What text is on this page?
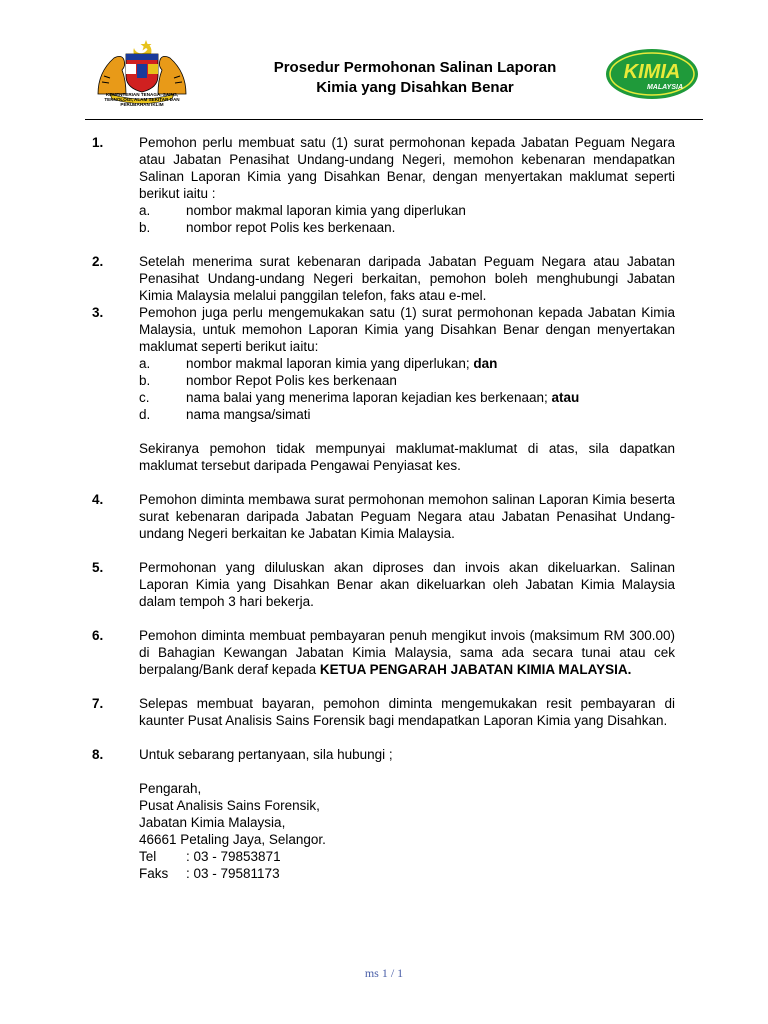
KEMENTERIAN TENAGA, SAINS, TEKNOLOGI, ALAM SEKITAR DAN PERUBAHAN IKLIM
Prosedur Permohonan Salinan Laporan
Kimia yang Disahkan Benar
KIMIA
MALAYSIA
1.	Pemohon perlu membuat satu (1) surat permohonan kepada Jabatan Peguam Negara atau Jabatan Penasihat Undang-undang Negeri, memohon kebenaran mendapatkan Salinan Laporan Kimia yang Disahkan Benar, dengan menyertakan maklumat seperti berikut iaitu :

a.	nombor makmal laporan kimia yang diperlukan

b.	nombor repot Polis kes berkenaan.

2.	Setelah menerima surat kebenaran daripada Jabatan Peguam Negara atau Jabatan Penasihat Undang-undang Negeri berkaitan, pemohon boleh menghubungi Jabatan Kimia Malaysia melalui panggilan telefon, faks atau e-mel.

3.	Pemohon juga perlu mengemukakan satu (1) surat permohonan kepada Jabatan Kimia Malaysia, untuk memohon Laporan Kimia yang Disahkan Benar dengan menyertakan maklumat seperti berikut iaitu:

a.	nombor makmal laporan kimia yang diperlukan; dan

b.	nombor Repot Polis kes berkenaan

c.	nama balai yang menerima laporan kejadian kes berkenaan; atau

d.	nama mangsa/simati

Sekiranya pemohon tidak mempunyai maklumat-maklumat di atas, sila dapatkan maklumat tersebut daripada Pengawai Penyiasat kes.

4.	Pemohon diminta membawa surat permohonan memohon salinan Laporan Kimia beserta surat kebenaran daripada Jabatan Peguam Negara atau Jabatan Penasihat Undang-undang Negeri berkaitan ke Jabatan Kimia Malaysia.

5.	Permohonan yang diluluskan akan diproses dan invois akan dikeluarkan. Salinan Laporan Kimia yang Disahkan Benar akan dikeluarkan oleh Jabatan Kimia Malaysia dalam tempoh 3 hari bekerja.

6.	Pemohon diminta membuat pembayaran penuh mengikut invois (maksimum RM 300.00) di Bahagian Kewangan Jabatan Kimia Malaysia, sama ada secara tunai atau cek berpalang/Bank deraf kepada KETUA PENGARAH JABATAN KIMIA MALAYSIA.

7.	Selepas membuat bayaran, pemohon diminta mengemukakan resit pembayaran di kaunter Pusat Analisis Sains Forensik bagi mendapatkan Laporan Kimia yang Disahkan.

8.	Untuk sebarang pertanyaan, sila hubungi ;

Pengarah,

Pusat Analisis Sains Forensik,

Jabatan Kimia Malaysia,

46661 Petaling Jaya, Selangor.

Tel	: 03 - 79853871

Faks	: 03 - 79581173

ms 1 / 1
